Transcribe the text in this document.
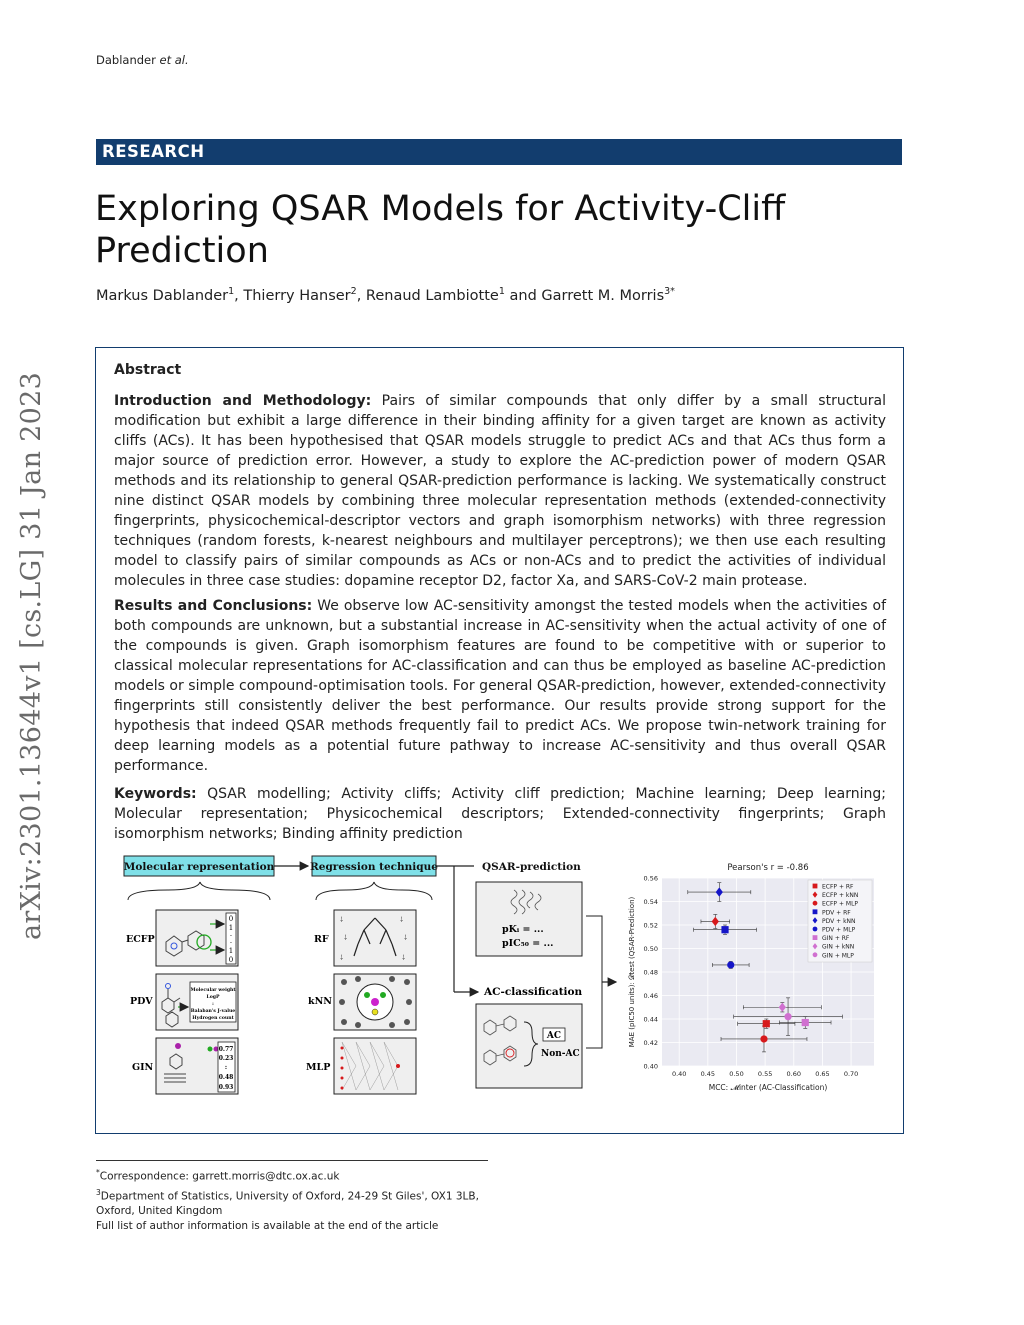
Dablander et al.
arXiv:2301.13644v1 [cs.LG] 31 Jan 2023
RESEARCH
Exploring QSAR Models for Activity-Cliff Prediction
Markus Dablander$^1$, Thierry Hanser$^2$, Renaud Lambiotte$^1$ and Garrett M. Morris$^{3*}$
Abstract

Introduction and Methodology: Pairs of similar compounds that only differ by a small structural modification but exhibit a large difference in their binding affinity for a given target are known as activity cliffs (ACs). It has been hypothesised that QSAR models struggle to predict ACs and that ACs thus form a major source of prediction error. However, a study to explore the AC-prediction power of modern QSAR methods and its relationship to general QSAR-prediction performance is lacking. We systematically construct nine distinct QSAR models by combining three molecular representation methods (extended-connectivity fingerprints, physicochemical-descriptor vectors and graph isomorphism networks) with three regression techniques (random forests, k-nearest neighbours and multilayer perceptrons); we then use each resulting model to classify pairs of similar compounds as ACs or non-ACs and to predict the activities of individual molecules in three case studies: dopamine receptor D2, factor Xa, and SARS-CoV-2 main protease.

Results and Conclusions: We observe low AC-sensitivity amongst the tested models when the activities of both compounds are unknown, but a substantial increase in AC-sensitivity when the actual activity of one of the compounds is given. Graph isomorphism features are found to be competitive with or superior to classical molecular representations for AC-classification and can thus be employed as baseline AC-prediction models or simple compound-optimisation tools. For general QSAR-prediction, however, extended-connectivity fingerprints still consistently deliver the best performance. Our results provide strong support for the hypothesis that indeed QSAR methods frequently fail to predict ACs. We propose twin-network training for deep learning models as a potential future pathway to increase AC-sensitivity and thus overall QSAR performance.

Keywords: QSAR modelling; Activity cliffs; Activity cliff prediction; Machine learning; Deep learning; Molecular representation; Physicochemical descriptors; Extended-connectivity fingerprints; Graph isomorphism networks; Binding affinity prediction

Molecular representation	Regression technique	QSAR-prediction
ECFP
PDV
GIN
0
1
·
·
1
0
Molecular weight
LogP
:
Balaban's J-value
Hydrogen count
0.77
0.23
:
0.48
0.93
RF
kNN
MLP
⸸	⸸
⸸	⸸
⸸	⸸
pKᵢ = ...
pIC₅₀ = ...
AC-classification
AC
Non-AC
0.40 0.45 0.50 0.55 0.60 0.65 0.70
0.40
0.42
0.44
0.46
0.48
0.50
0.52
0.54
0.56
Pearson's r = -0.86
MCC: 𝓜inter (AC-Classification)
MAE (pIC50 units): 𝓓test (QSAR-Prediction)
ECFP + RF
ECFP + kNN
ECFP + MLP
PDV + RF
PDV + kNN
PDV + MLP
GIN + RF
GIN + kNN
GIN + MLP
*Correspondence: garrett.morris@dtc.ox.ac.uk
$^3$Department of Statistics, University of Oxford, 24-29 St Giles', OX1 3LB, Oxford, United Kingdom
Full list of author information is available at the end of the article
